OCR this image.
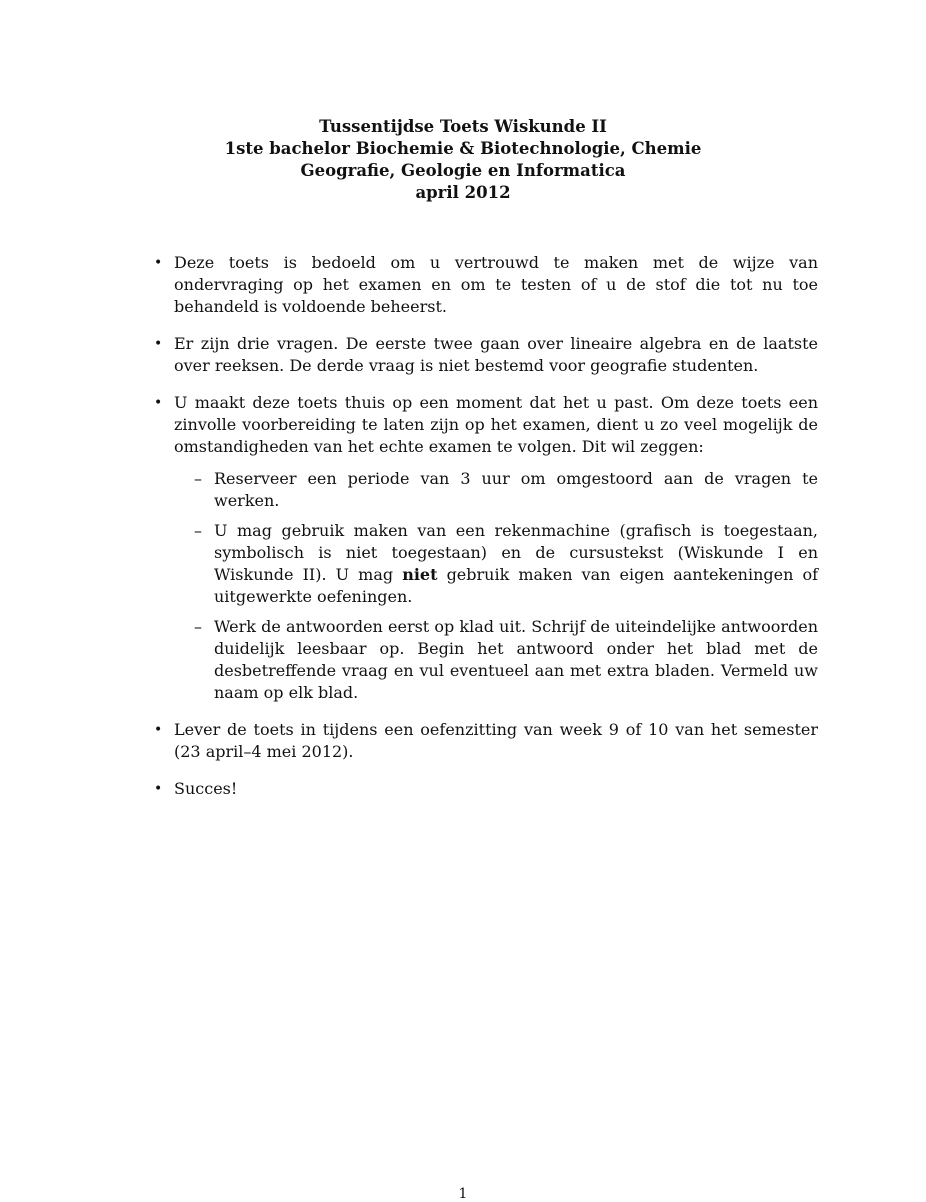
Tussentijdse Toets Wiskunde II
1ste bachelor Biochemie & Biotechnologie, Chemie
Geografie, Geologie en Informatica
april 2012
• Deze toets is bedoeld om u vertrouwd te maken met de wijze van ondervraging op het examen en om te testen of u de stof die tot nu toe behandeld is voldoende beheerst.
• Er zijn drie vragen. De eerste twee gaan over lineaire algebra en de laatste over reeksen. De derde vraag is niet bestemd voor geografie studenten.
• U maakt deze toets thuis op een moment dat het u past. Om deze toets een zinvolle voorbereiding te laten zijn op het examen, dient u zo veel mogelijk de omstandigheden van het echte examen te volgen. Dit wil zeggen:
– Reserveer een periode van 3 uur om omgestoord aan de vragen te werken.
– U mag gebruik maken van een rekenmachine (grafisch is toegestaan, symbolisch is niet toegestaan) en de cursustekst (Wiskunde I en Wiskunde II). U mag niet gebruik maken van eigen aantekeningen of uitgewerkte oefeningen.
– Werk de antwoorden eerst op klad uit. Schrijf de uiteindelijke antwoorden duidelijk leesbaar op. Begin het antwoord onder het blad met de desbetreffende vraag en vul eventueel aan met extra bladen. Vermeld uw naam op elk blad.
• Lever de toets in tijdens een oefenzitting van week 9 of 10 van het semester (23 april–4 mei 2012).
• Succes!
1
